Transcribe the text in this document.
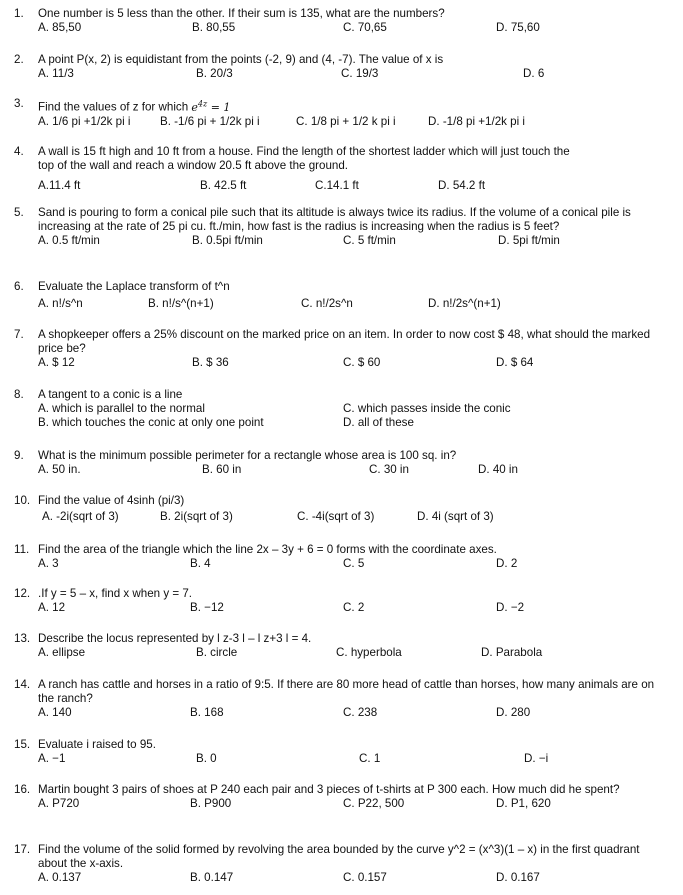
1.	One number is 5 less than the other. If their sum is 135, what are the numbers?
A. 85,50	B. 80,55	C. 70,65	D. 75,60
2.	A point P(x, 2) is equidistant from the points (-2, 9) and (4, -7). The value of x is
A. 11/3	B. 20/3	C. 19/3	D. 6
3.	Find the values of z for which $e^{4z} = 1$
A. 1/6 pi +1/2k pi i	B. -1/6 pi + 1/2k pi i	C. 1/8 pi + 1/2 k pi i	D. -1/8 pi +1/2k pi i
4.	A wall is 15 ft high and 10 ft from a house. Find the length of the shortest ladder which will just touch the top of the wall and reach a window 20.5 ft above the ground.
A.11.4 ft	B. 42.5 ft	C.14.1 ft	D. 54.2 ft
5.	Sand is pouring to form a conical pile such that its altitude is always twice its radius. If the volume of a conical pile is increasing at the rate of 25 pi cu. ft./min, how fast is the radius is increasing when the radius is 5 feet?
A. 0.5 ft/min	B. 0.5pi ft/min	C. 5 ft/min	D. 5pi ft/min
6.	Evaluate the Laplace transform of t^n
A. n!/s^n	B. n!/s^(n+1)	C. n!/2s^n	D. n!/2s^(n+1)
7.	A shopkeeper offers a 25% discount on the marked price on an item. In order to now cost $ 48, what should the marked price be?
A. $ 12	B. $ 36	C. $ 60	D. $ 64
8.	A tangent to a conic is a line
A. which is parallel to the normal	C. which passes inside the conic
B. which touches the conic at only one point	D. all of these
9.	What is the minimum possible perimeter for a rectangle whose area is 100 sq. in?
A. 50 in.	B. 60 in	C. 30 in	D. 40 in
10. Find the value of 4sinh (pi/3)
A. -2i(sqrt of 3)	B. 2i(sqrt of 3)	C. -4i(sqrt of 3)	D. 4i (sqrt of 3)
11. Find the area of the triangle which the line 2x – 3y + 6 = 0 forms with the coordinate axes.
A. 3	B. 4	C. 5	D. 2
12. .If y = 5 – x, find x when y = 7.
A. 12	B. −12	C. 2	D. −2
13. Describe the locus represented by l z-3 l – l z+3 l = 4.
A. ellipse	B. circle	C. hyperbola	D. Parabola
14. A ranch has cattle and horses in a ratio of 9:5. If there are 80 more head of cattle than horses, how many animals are on the ranch?
A. 140	B. 168	C. 238	D. 280
15. Evaluate i raised to 95.
A. −1	B. 0	C. 1	D. −i
16. Martin bought 3 pairs of shoes at P 240 each pair and 3 pieces of t-shirts at P 300 each. How much did he spent?
A. P720	B. P900	C. P22, 500	D. P1, 620
17. Find the volume of the solid formed by revolving the area bounded by the curve y^2 = (x^3)(1 – x) in the first quadrant about the x-axis.
A. 0.137	B. 0.147	C. 0.157	D. 0.167
